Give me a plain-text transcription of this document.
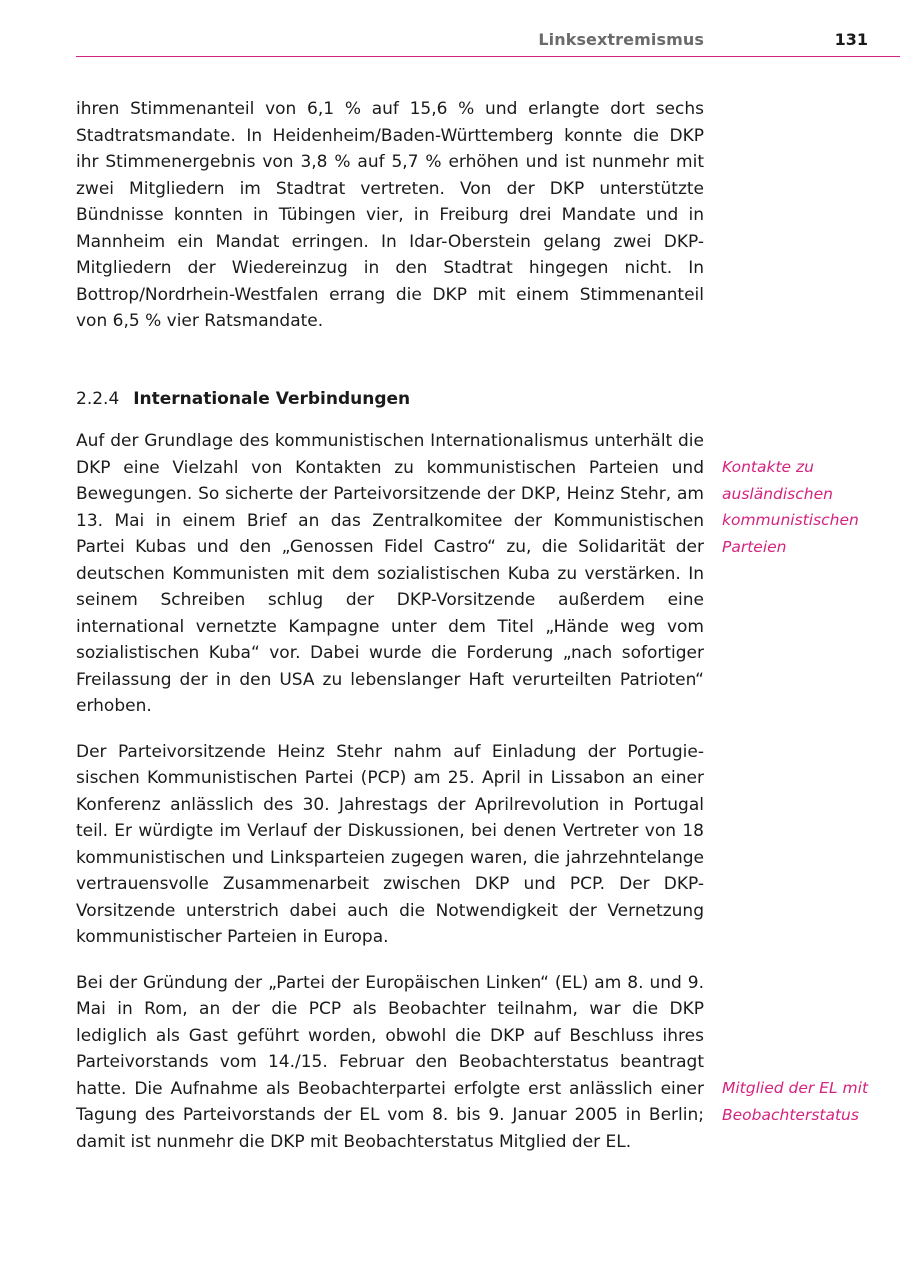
Linksextremismus	131

ihren Stimmenanteil von 6,1 % auf 15,6 % und erlangte dort sechs Stadtratsmandate. In Heidenheim/Baden-Württemberg konnte die DKP ihr Stimmenergebnis von 3,8 % auf 5,7 % erhöhen und ist nunmehr mit zwei Mitgliedern im Stadtrat vertreten. Von der DKP unterstützte Bündnisse konnten in Tübingen vier, in Freiburg drei Mandate und in Mannheim ein Mandat erringen. In Idar-Oberstein gelang zwei DKP-Mitgliedern der Wiedereinzug in den Stadtrat hingegen nicht. In Bottrop/Nordrhein-Westfalen errang die DKP mit einem Stimmenanteil von 6,5 % vier Ratsmandate.

2.2.4 Internationale Verbindungen

Auf der Grundlage des kommunistischen Internationalismus unterhält die DKP eine Vielzahl von Kontakten zu kommunistischen Parteien und Bewegungen. So sicherte der Parteivorsitzende der DKP, Heinz Stehr, am 13. Mai in einem Brief an das Zentralkomitee der Kommunistischen Partei Kubas und den „Genossen Fidel Castro“ zu, die Solidarität der deutschen Kommunisten mit dem sozialistischen Kuba zu verstärken. In seinem Schreiben schlug der DKP-Vorsitzende außerdem eine international vernetzte Kampagne unter dem Titel „Hände weg vom sozialistischen Kuba“ vor. Dabei wurde die Forderung „nach sofortiger Freilassung der in den USA zu lebenslanger Haft verurteilten Patrioten“ erhoben.

Der Parteivorsitzende Heinz Stehr nahm auf Einladung der Portugiesischen Kommunistischen Partei (PCP) am 25. April in Lissabon an einer Konferenz anlässlich des 30. Jahrestags der Aprilrevolution in Portugal teil. Er würdigte im Verlauf der Diskussionen, bei denen Vertreter von 18 kommunistischen und Linksparteien zugegen waren, die jahrzehntelange vertrauensvolle Zusammenarbeit zwischen DKP und PCP. Der DKP-Vorsitzende unterstrich dabei auch die Notwendigkeit der Vernetzung kommunistischer Parteien in Europa.

Bei der Gründung der „Partei der Europäischen Linken“ (EL) am 8. und 9. Mai in Rom, an der die PCP als Beobachter teilnahm, war die DKP lediglich als Gast geführt worden, obwohl die DKP auf Beschluss ihres Parteivorstands vom 14./15. Februar den Beobachterstatus beantragt hatte. Die Aufnahme als Beobachterpartei erfolgte erst anlässlich einer Tagung des Parteivorstands der EL vom 8. bis 9. Januar 2005 in Berlin; damit ist nunmehr die DKP mit Beobachterstatus Mitglied der EL.

Kontakte zu
ausländischen
kommunistischen
Parteien
Mitglied der EL mit
Beobachterstatus
